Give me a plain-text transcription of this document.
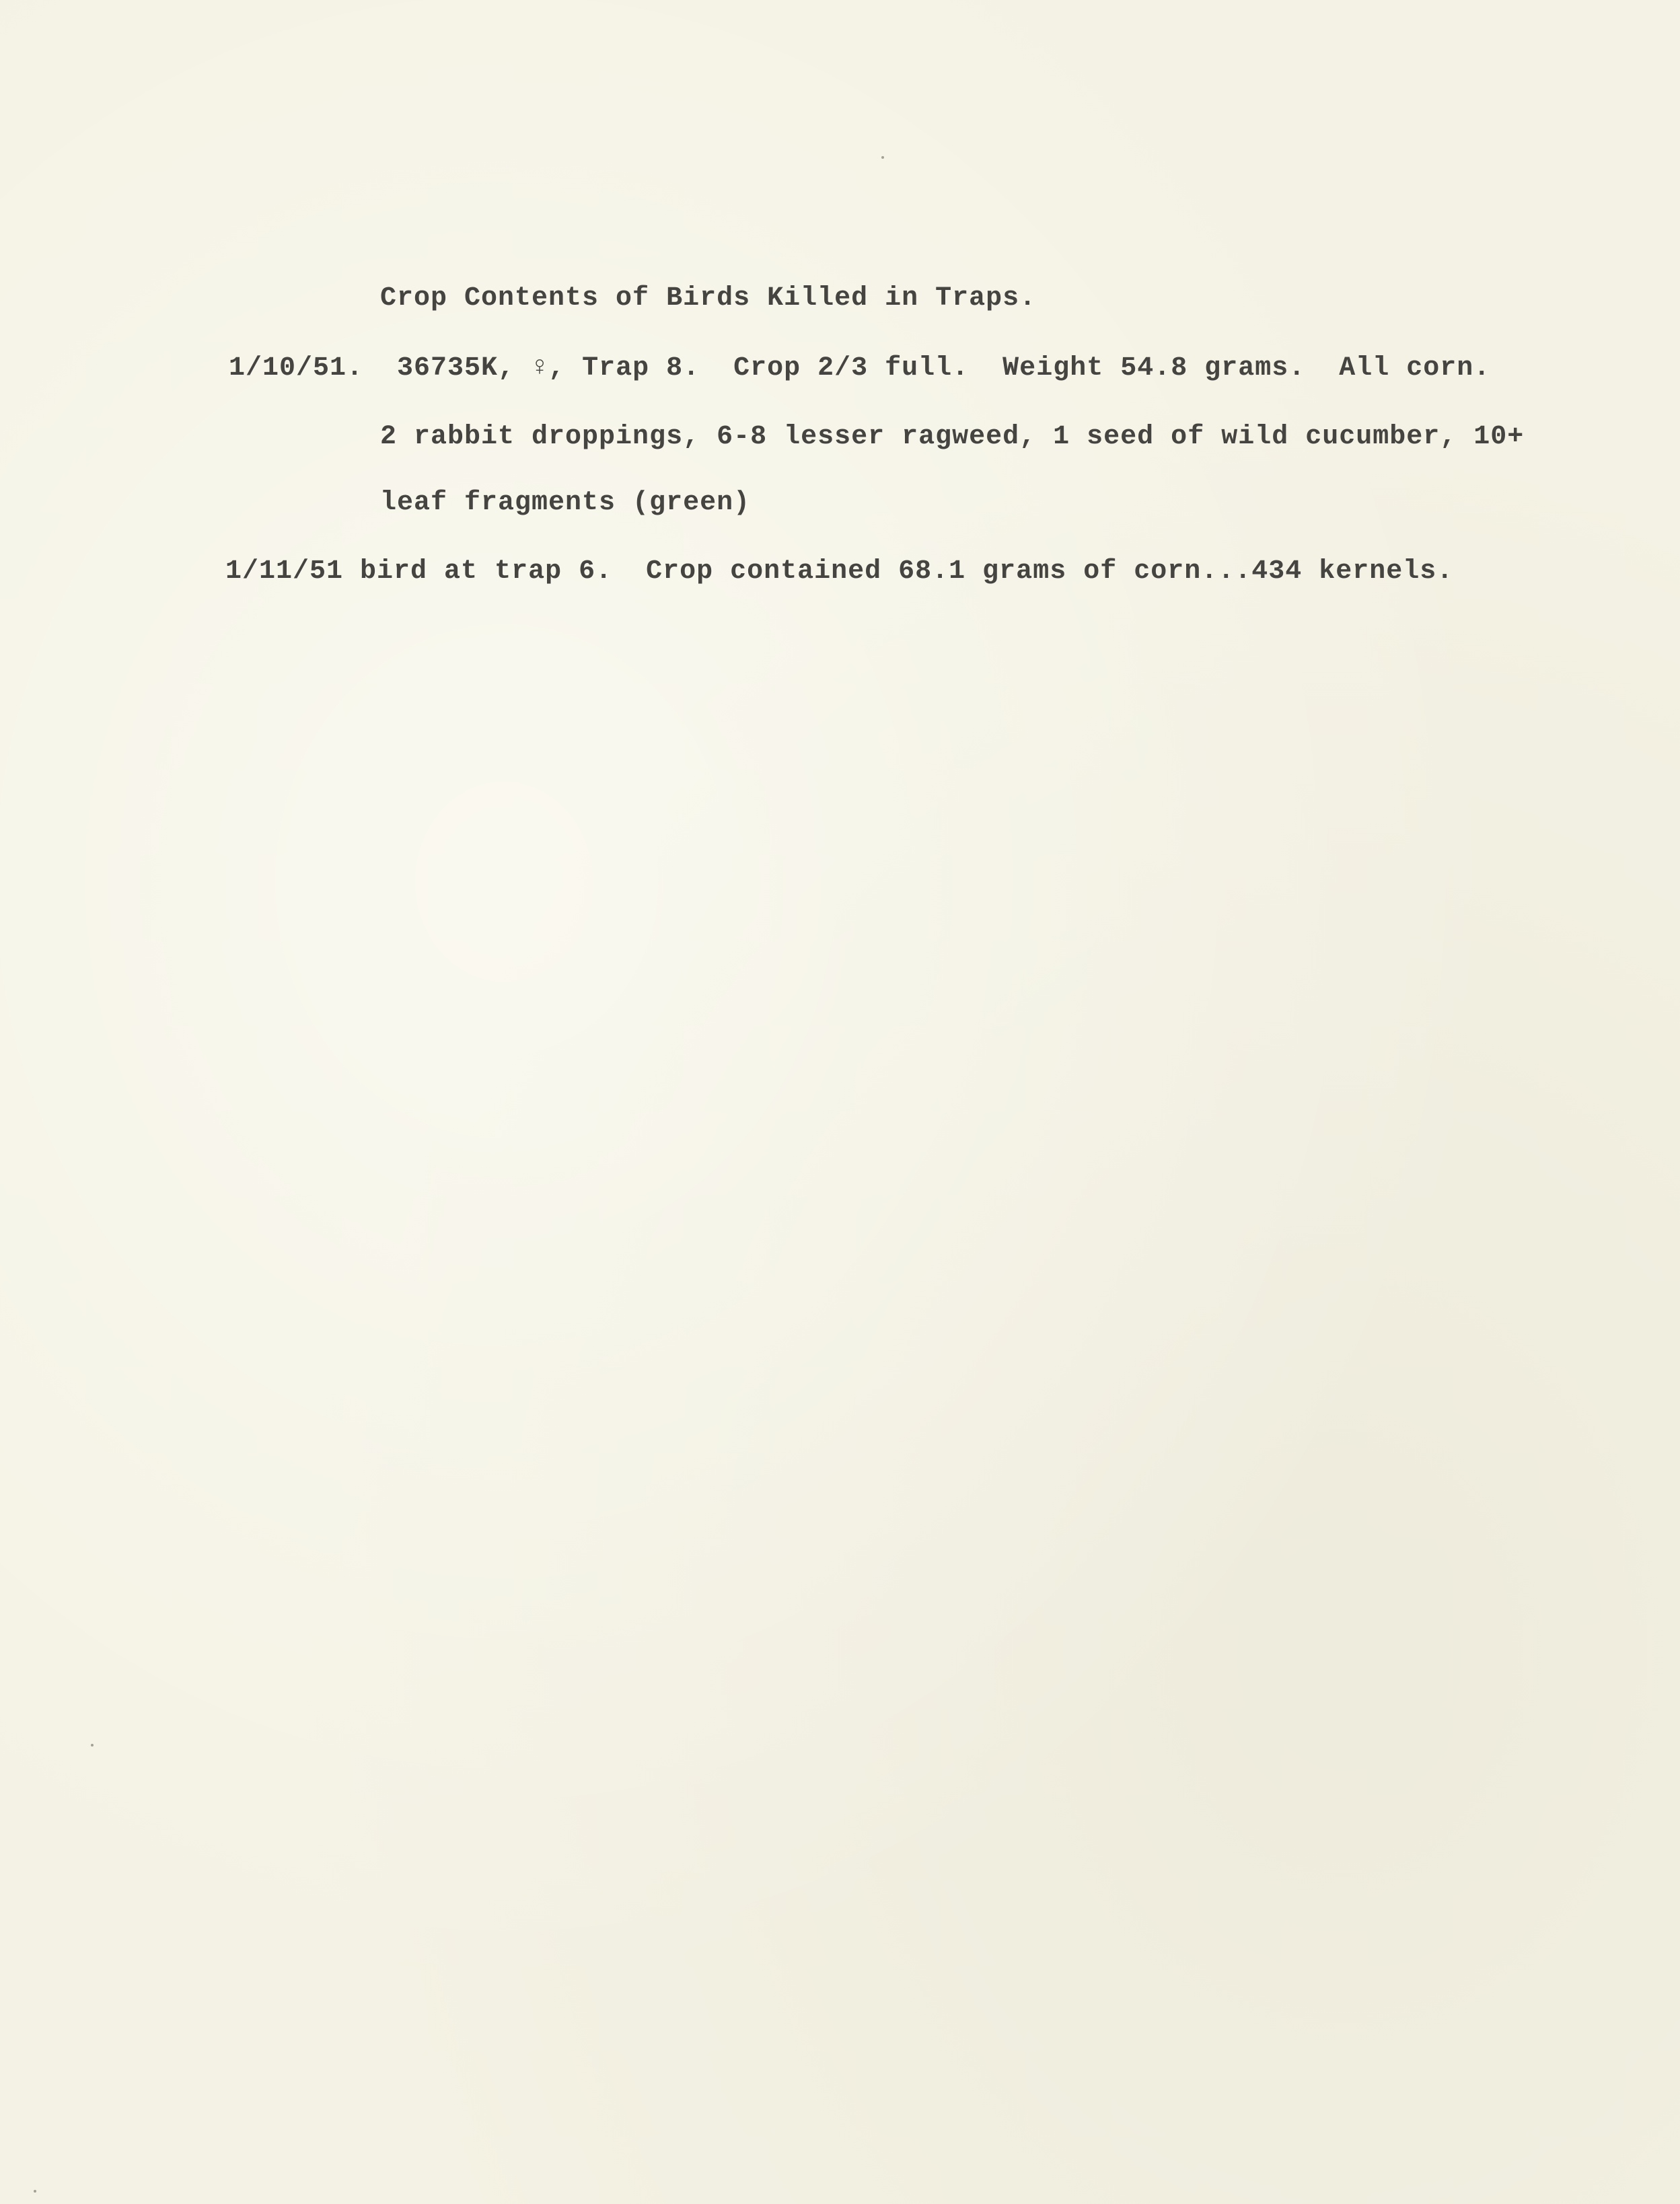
Crop Contents of Birds Killed in Traps.
1/10/51.  36735K, ♀, Trap 8.  Crop 2/3 full.  Weight 54.8 grams.  All corn.
2 rabbit droppings, 6-8 lesser ragweed, 1 seed of wild cucumber, 10+
leaf fragments (green)
1/11/51 bird at trap 6.  Crop contained 68.1 grams of corn...434 kernels.
